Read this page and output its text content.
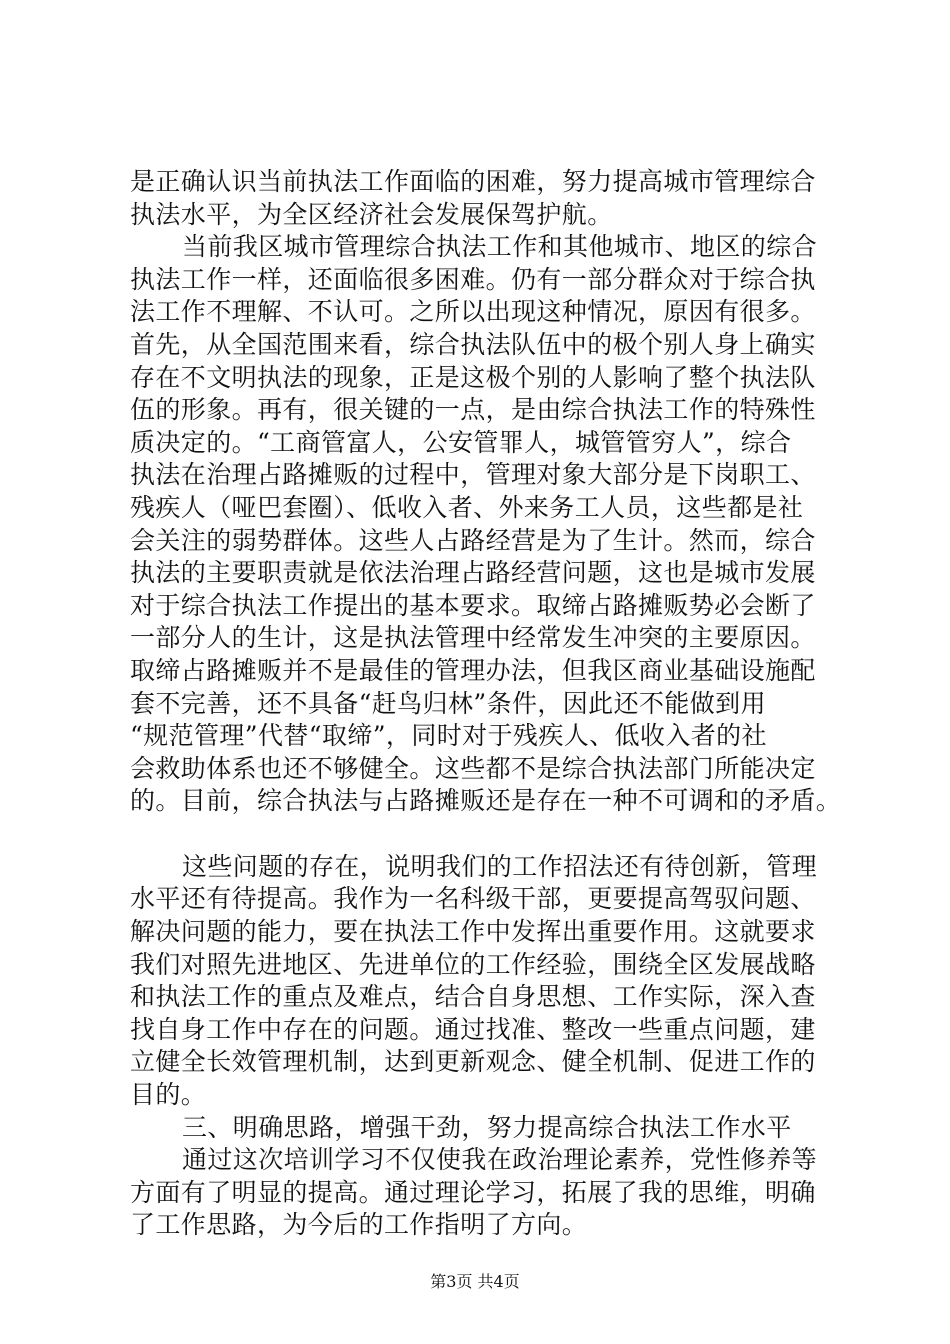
是正确认识当前执法工作面临的困难，努力提高城市管理综合
执法水平，为全区经济社会发展保驾护航。
当前我区城市管理综合执法工作和其他城市、地区的综合
执法工作一样，还面临很多困难。仍有一部分群众对于综合执
法工作不理解、不认可。之所以出现这种情况，原因有很多。
首先，从全国范围来看，综合执法队伍中的极个别人身上确实
存在不文明执法的现象，正是这极个别的人影响了整个执法队
伍的形象。再有，很关键的一点，是由综合执法工作的特殊性
质决定的。“工商管富人，公安管罪人，城管管穷人”，综合
执法在治理占路摊贩的过程中，管理对象大部分是下岗职工、
残疾人（哑巴套圈）、低收入者、外来务工人员，这些都是社
会关注的弱势群体。这些人占路经营是为了生计。然而，综合
执法的主要职责就是依法治理占路经营问题，这也是城市发展
对于综合执法工作提出的基本要求。取缔占路摊贩势必会断了
一部分人的生计，这是执法管理中经常发生冲突的主要原因。
取缔占路摊贩并不是最佳的管理办法，但我区商业基础设施配
套不完善，还不具备“赶鸟归林”条件，因此还不能做到用
“规范管理”代替“取缔”，同时对于残疾人、低收入者的社
会救助体系也还不够健全。这些都不是综合执法部门所能决定
的。目前，综合执法与占路摊贩还是存在一种不可调和的矛盾。
这些问题的存在，说明我们的工作招法还有待创新，管理
水平还有待提高。我作为一名科级干部，更要提高驾驭问题、
解决问题的能力，要在执法工作中发挥出重要作用。这就要求
我们对照先进地区、先进单位的工作经验，围绕全区发展战略
和执法工作的重点及难点，结合自身思想、工作实际，深入查
找自身工作中存在的问题。通过找准、整改一些重点问题，建
立健全长效管理机制，达到更新观念、健全机制、促进工作的
目的。
三、明确思路，增强干劲，努力提高综合执法工作水平
通过这次培训学习不仅使我在政治理论素养，党性修养等
方面有了明显的提高。通过理论学习，拓展了我的思维，明确
了工作思路，为今后的工作指明了方向。
第3页 共4页
